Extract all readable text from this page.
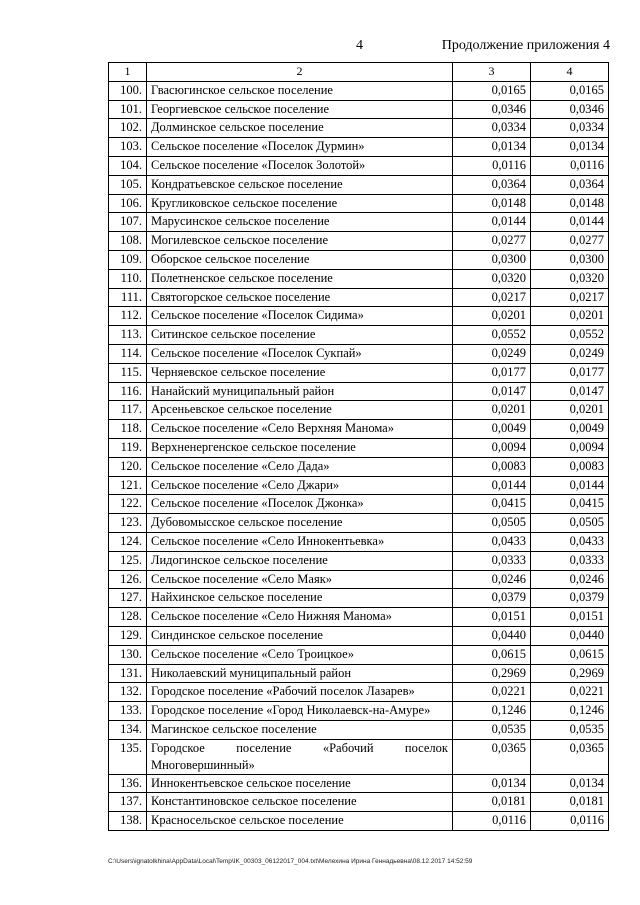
4	Продолжение приложения 4
1	2	3	4
100.	Гвасюгинское сельское поселение	0,0165	0,0165
101.	Георгиевское сельское поселение	0,0346	0,0346
102.	Долминское сельское поселение	0,0334	0,0334
103.	Сельское поселение «Поселок Дурмин»	0,0134	0,0134
104.	Сельское поселение «Поселок Золотой»	0,0116	0,0116
105.	Кондратьевское сельское поселение	0,0364	0,0364
106.	Кругликовское сельское поселение	0,0148	0,0148
107.	Марусинское сельское поселение	0,0144	0,0144
108.	Могилевское сельское поселение	0,0277	0,0277
109.	Оборское сельское поселение	0,0300	0,0300
110.	Полетненское сельское поселение	0,0320	0,0320
111.	Святогорское сельское поселение	0,0217	0,0217
112.	Сельское поселение «Поселок Сидима»	0,0201	0,0201
113.	Ситинское сельское поселение	0,0552	0,0552
114.	Сельское поселение «Поселок Сукпай»	0,0249	0,0249
115.	Черняевское сельское поселение	0,0177	0,0177
116.	Нанайский муниципальный район	0,0147	0,0147
117.	Арсеньевское сельское поселение	0,0201	0,0201
118.	Сельское поселение «Село Верхняя Манома»	0,0049	0,0049
119.	Верхненергенское сельское поселение	0,0094	0,0094
120.	Сельское поселение «Село Дада»	0,0083	0,0083
121.	Сельское поселение «Село Джари»	0,0144	0,0144
122.	Сельское поселение «Поселок Джонка»	0,0415	0,0415
123.	Дубовомысское сельское поселение	0,0505	0,0505
124.	Сельское поселение «Село Иннокентьевка»	0,0433	0,0433
125.	Лидогинское сельское поселение	0,0333	0,0333
126.	Сельское поселение «Село Маяк»	0,0246	0,0246
127.	Найхинское сельское поселение	0,0379	0,0379
128.	Сельское поселение «Село Нижняя Манома»	0,0151	0,0151
129.	Синдинское сельское поселение	0,0440	0,0440
130.	Сельское поселение «Село Троицкое»	0,0615	0,0615
131.	Николаевский муниципальный район	0,2969	0,2969
132.	Городское поселение «Рабочий поселок Лазарев»	0,0221	0,0221
133.	Городское поселение «Город Николаевск-на-Амуре»	0,1246	0,1246
134.	Магинское сельское поселение	0,0535	0,0535
135.	Городское поселение «Рабочий поселок Многовершинный»	0,0365	0,0365
136.	Иннокентьевское сельское поселение	0,0134	0,0134
137.	Константиновское сельское поселение	0,0181	0,0181
138.	Красносельское сельское поселение	0,0116	0,0116
C:\Users\ignatolkhina\AppData\Local\Temp\IK_00303_06122017_004.txt\Мелехина Ирина Геннадьевна\08.12.2017 14:52:59
